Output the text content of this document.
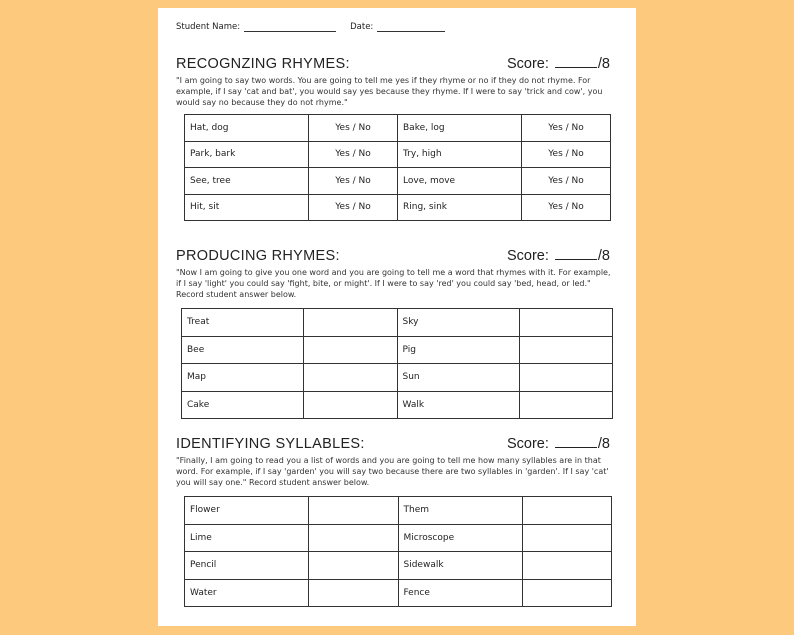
Student Name:	Date:
RECOGNZING RHYMES:	Score:	/8

"I am going to say two words. You are going to tell me yes if they rhyme or no if they do not rhyme. For example, if I say 'cat and bat', you would say yes because they rhyme. If I were to say 'trick and cow', you would say no because they do not rhyme."

Hat, dog	Yes / No	Bake, log	Yes / No
Park, bark	Yes / No	Try, high	Yes / No
See, tree	Yes / No	Love, move	Yes / No
Hit, sit	Yes / No	Ring, sink	Yes / No
PRODUCING RHYMES:	Score:	/8

"Now I am going to give you one word and you are going to tell me a word that rhymes with it. For example, if I say 'light' you could say 'fight, bite, or might'. If I were to say 'red' you could say 'bed, head, or led." Record student answer below.

Treat		Sky	
Bee		Pig	
Map		Sun	
Cake		Walk	
IDENTIFYING SYLLABLES:	Score:	/8

"Finally, I am going to read you a list of words and you are going to tell me how many syllables are in that word. For example, if I say 'garden' you will say two because there are two syllables in 'garden'. If I say 'cat' you will say one." Record student answer below.

Flower		Them	
Lime		Microscope	
Pencil		Sidewalk	
Water		Fence	
